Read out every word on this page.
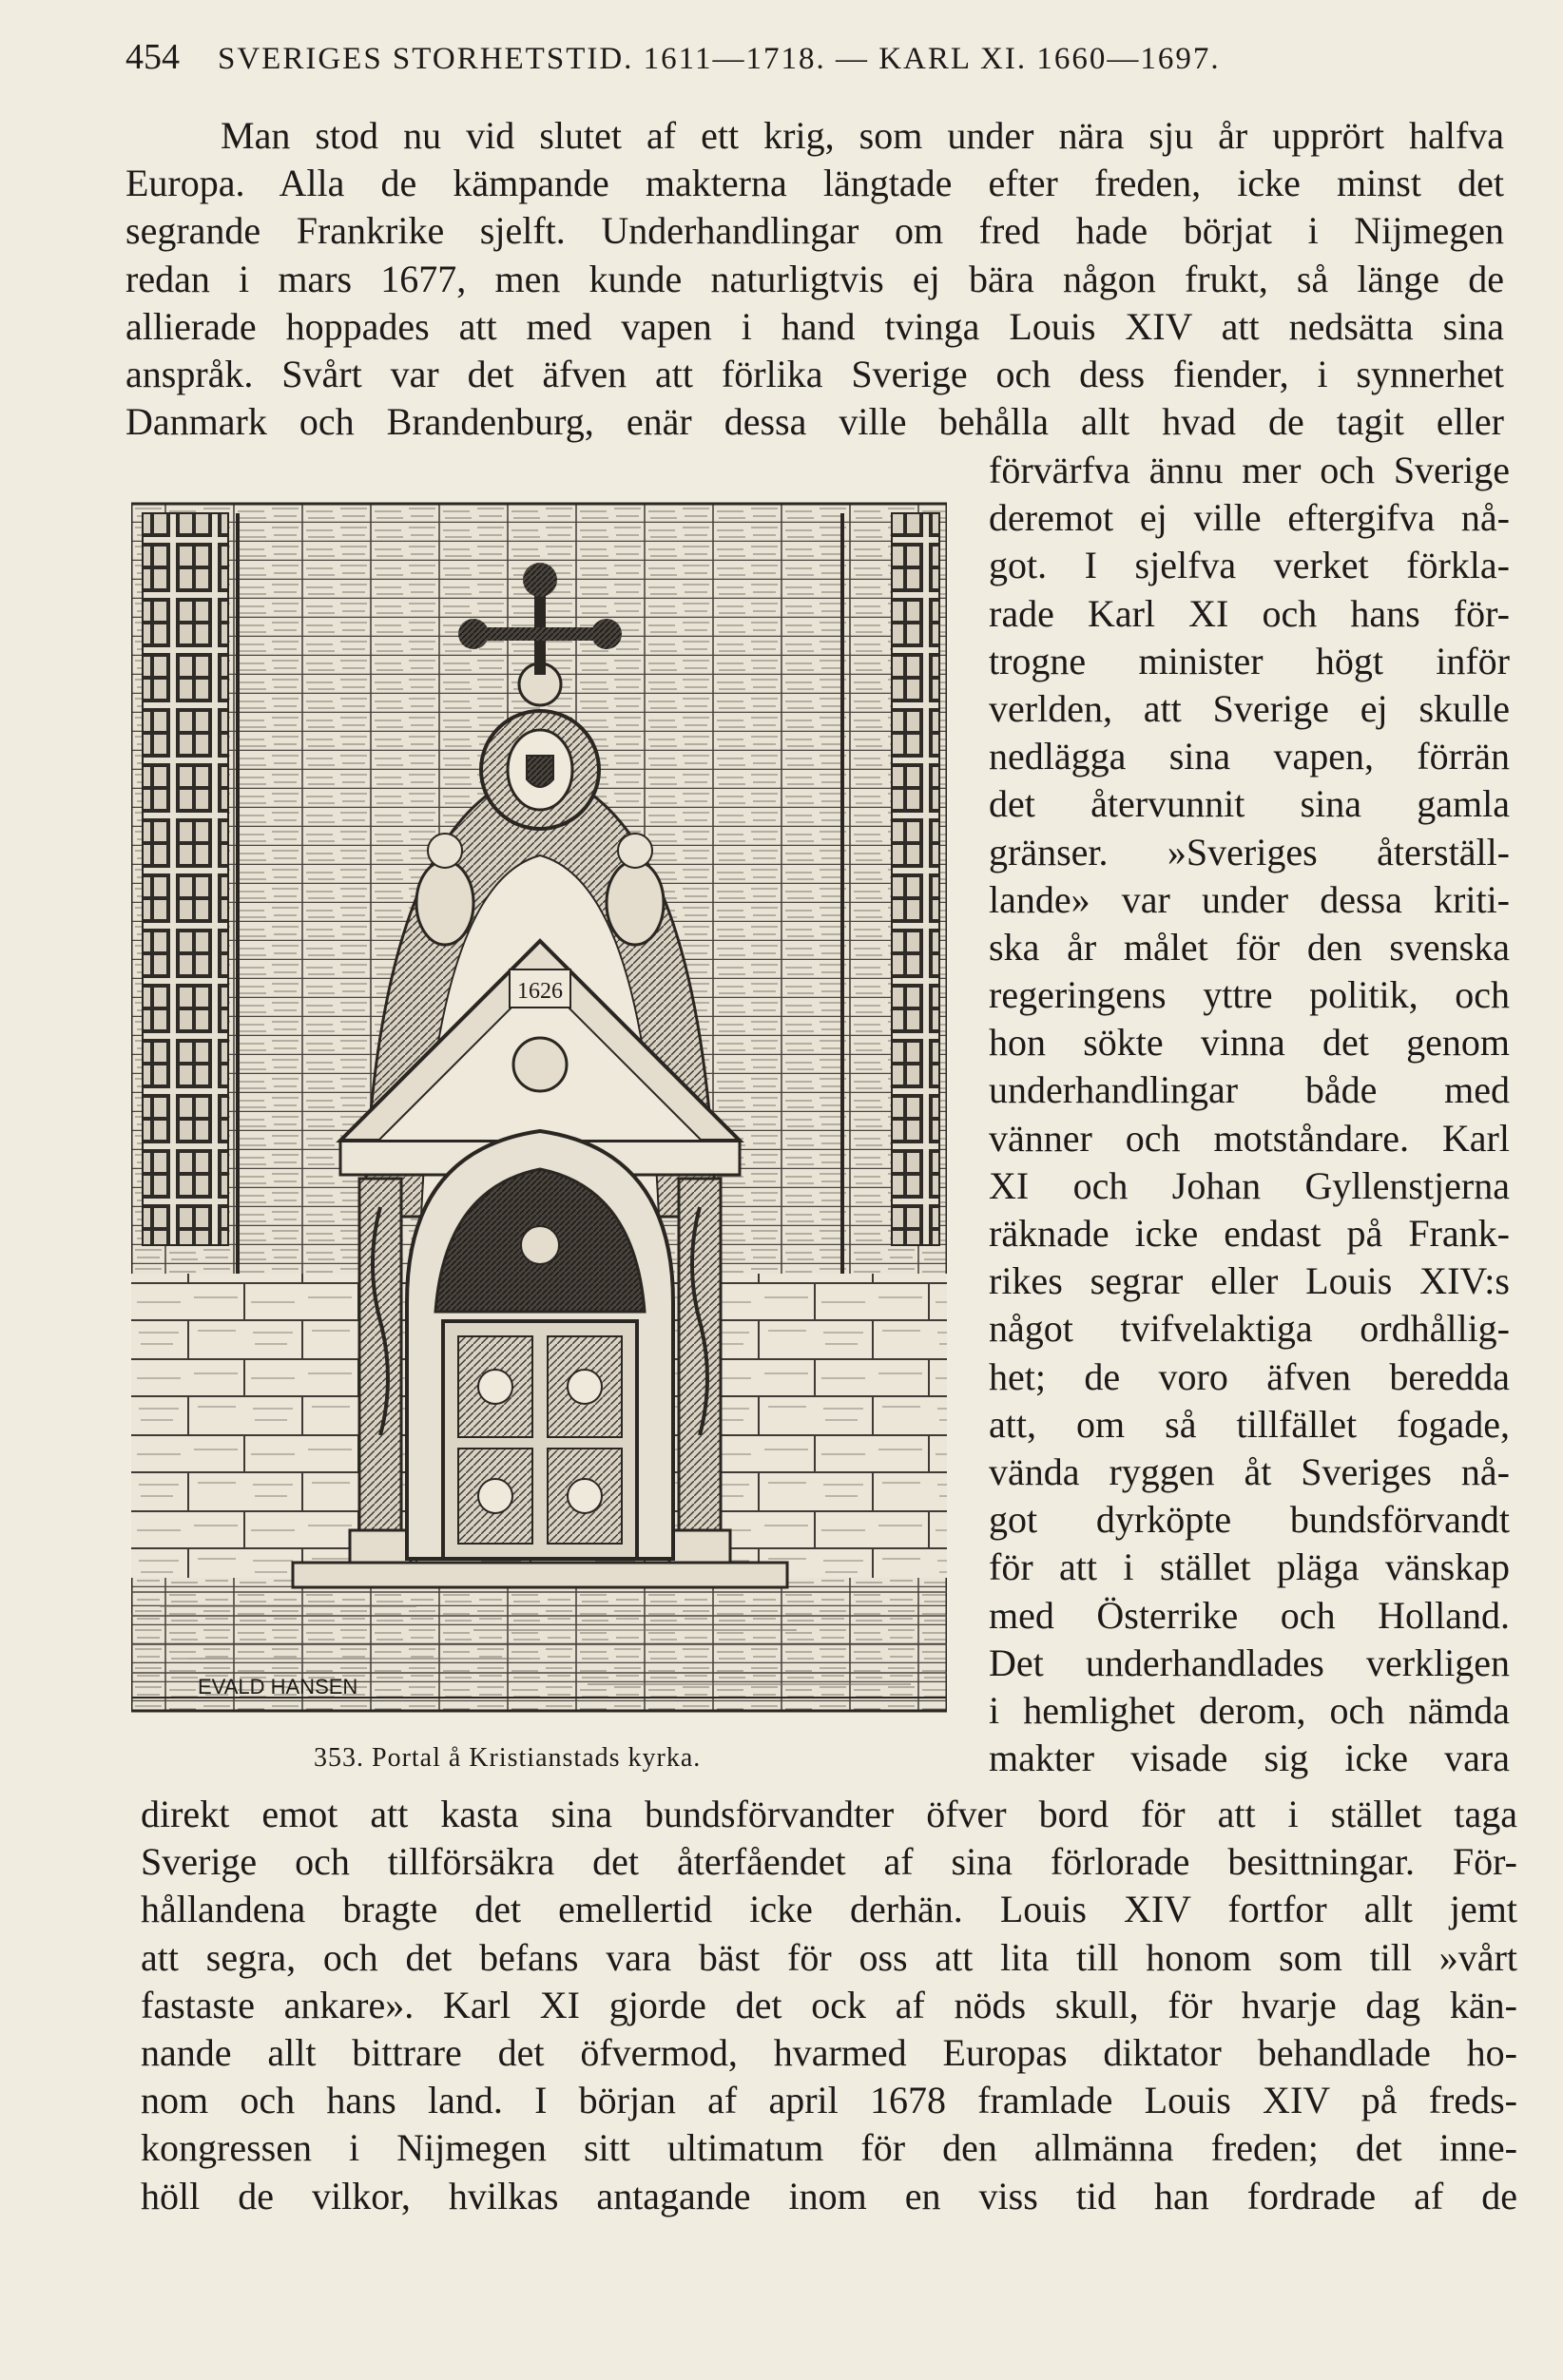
454 SVERIGES STORHETSTID. 1611—1718. — KARL XI. 1660—1697.
Man stod nu vid slutet af ett krig, som under nära sju år upprört halfva
Europa. Alla de kämpande makterna längtade efter freden, icke minst det
segrande Frankrike sjelft. Underhandlingar om fred hade börjat i Nijmegen
redan i mars 1677, men kunde naturligtvis ej bära någon frukt, så länge de
allierade hoppades att med vapen i hand tvinga Louis XIV att nedsätta sina
anspråk. Svårt var det äfven att förlika Sverige och dess fiender, i synnerhet
Danmark och Brandenburg, enär dessa ville behålla allt hvad de tagit eller
1626
EVALD HANSEN
353. Portal å Kristianstads kyrka.
förvärfva ännu mer och Sverige
deremot ej ville eftergifva nå-
got. I sjelfva verket förkla-
rade Karl XI och hans för-
trogne minister högt inför
verlden, att Sverige ej skulle
nedlägga sina vapen, förrän
det återvunnit sina gamla
gränser. »Sveriges återställ-
lande» var under dessa kriti-
ska år målet för den svenska
regeringens yttre politik, och
hon sökte vinna det genom
underhandlingar både med
vänner och motståndare. Karl
XI och Johan Gyllenstjerna
räknade icke endast på Frank-
rikes segrar eller Louis XIV:s
något tvifvelaktiga ordhållig-
het; de voro äfven beredda
att, om så tillfället fogade,
vända ryggen åt Sveriges nå-
got dyrköpte bundsförvandt
för att i stället pläga vänskap
med Österrike och Holland.
Det underhandlades verkligen
i hemlighet derom, och nämda
makter visade sig icke vara
direkt emot att kasta sina bundsförvandter öfver bord för att i stället taga
Sverige och tillförsäkra det återfåendet af sina förlorade besittningar. För-
hållandena bragte det emellertid icke derhän. Louis XIV fortfor allt jemt
att segra, och det befans vara bäst för oss att lita till honom som till »vårt
fastaste ankare». Karl XI gjorde det ock af nöds skull, för hvarje dag kän-
nande allt bittrare det öfvermod, hvarmed Europas diktator behandlade ho-
nom och hans land. I början af april 1678 framlade Louis XIV på freds-
kongressen i Nijmegen sitt ultimatum för den allmänna freden; det inne-
höll de vilkor, hvilkas antagande inom en viss tid han fordrade af de
